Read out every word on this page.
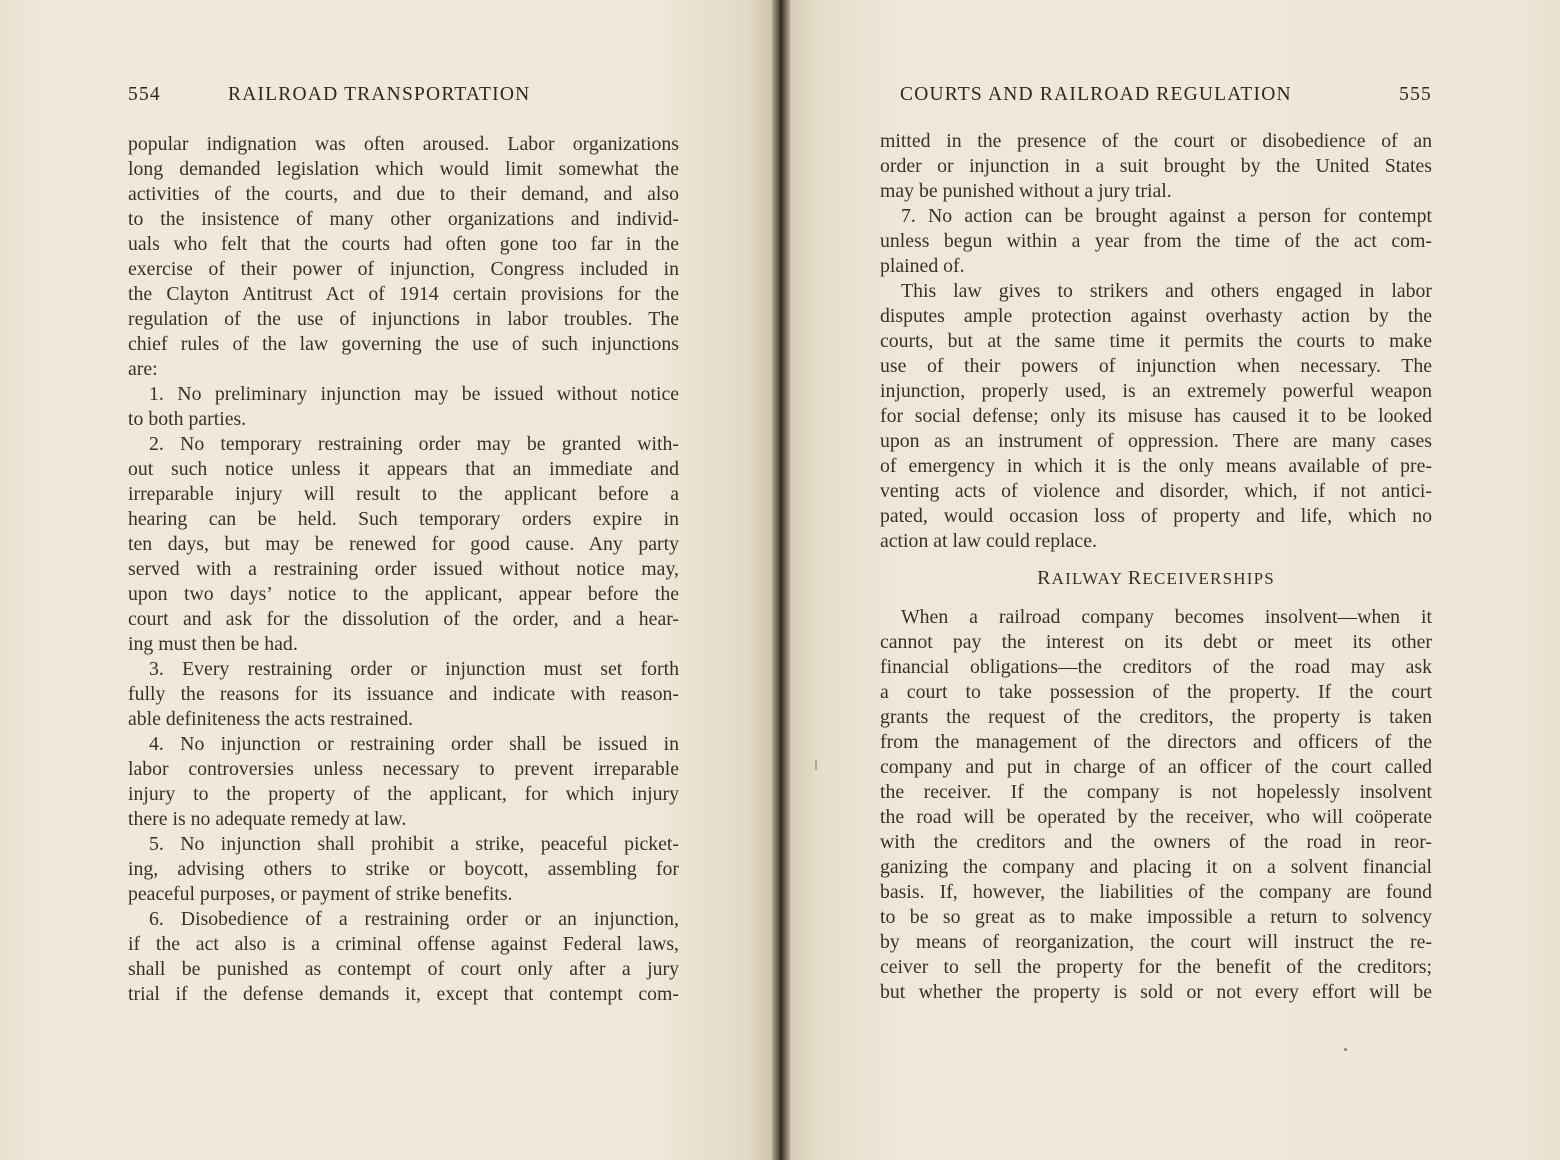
554	RAILROAD TRANSPORTATION	COURTS AND RAILROAD REGULATION	555
popular indignation was often aroused. Labor organizations
long demanded legislation which would limit somewhat the
activities of the courts, and due to their demand, and also
to the insistence of many other organizations and individ-
uals who felt that the courts had often gone too far in the
exercise of their power of injunction, Congress included in
the Clayton Antitrust Act of 1914 certain provisions for the
regulation of the use of injunctions in labor troubles. The
chief rules of the law governing the use of such injunctions
are:
1. No preliminary injunction may be issued without notice
to both parties.
2. No temporary restraining order may be granted with-
out such notice unless it appears that an immediate and
irreparable injury will result to the applicant before a
hearing can be held. Such temporary orders expire in
ten days, but may be renewed for good cause. Any party
served with a restraining order issued without notice may,
upon two days’ notice to the applicant, appear before the
court and ask for the dissolution of the order, and a hear-
ing must then be had.
3. Every restraining order or injunction must set forth
fully the reasons for its issuance and indicate with reason-
able definiteness the acts restrained.
4. No injunction or restraining order shall be issued in
labor controversies unless necessary to prevent irreparable
injury to the property of the applicant, for which injury
there is no adequate remedy at law.
5. No injunction shall prohibit a strike, peaceful picket-
ing, advising others to strike or boycott, assembling for
peaceful purposes, or payment of strike benefits.
6. Disobedience of a restraining order or an injunction,
if the act also is a criminal offense against Federal laws,
shall be punished as contempt of court only after a jury
trial if the defense demands it, except that contempt com-
mitted in the presence of the court or disobedience of an
order or injunction in a suit brought by the United States
may be punished without a jury trial.
7. No action can be brought against a person for contempt
unless begun within a year from the time of the act com-
plained of.
This law gives to strikers and others engaged in labor
disputes ample protection against overhasty action by the
courts, but at the same time it permits the courts to make
use of their powers of injunction when necessary. The
injunction, properly used, is an extremely powerful weapon
for social defense; only its misuse has caused it to be looked
upon as an instrument of oppression. There are many cases
of emergency in which it is the only means available of pre-
venting acts of violence and disorder, which, if not antici-
pated, would occasion loss of property and life, which no
action at law could replace.
RAILWAY RECEIVERSHIPS
When a railroad company becomes insolvent—when it
cannot pay the interest on its debt or meet its other
financial obligations—the creditors of the road may ask
a court to take possession of the property. If the court
grants the request of the creditors, the property is taken
from the management of the directors and officers of the
company and put in charge of an officer of the court called
the receiver. If the company is not hopelessly insolvent
the road will be operated by the receiver, who will coöperate
with the creditors and the owners of the road in reor-
ganizing the company and placing it on a solvent financial
basis. If, however, the liabilities of the company are found
to be so great as to make impossible a return to solvency
by means of reorganization, the court will instruct the re-
ceiver to sell the property for the benefit of the creditors;
but whether the property is sold or not every effort will be
